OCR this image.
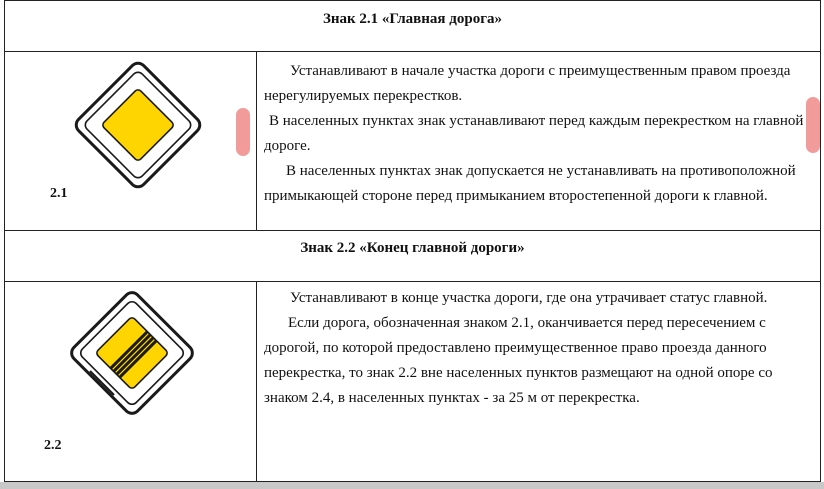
Знак 2.1 «Главная дорога»
2.1

Устанавливают в начале участка дороги с преимущественным правом проезда нерегулируемых перекрестков.

В населенных пунктах знак устанавливают перед каждым перекрестком на главной дороге.

В населенных пунктах знак допускается не устанавливать на противоположной примыкающей стороне перед примыканием второстепенной дороги к главной.

Знак 2.2 «Конец главной дороги»
2.2

Устанавливают в конце участка дороги, где она утрачивает статус главной.

Если дорога, обозначенная знаком 2.1, оканчивается перед пересечением с дорогой, по которой предоставлено преимущественное право проезда данного перекрестка, то знак 2.2 вне населенных пунктов размещают на одной опоре со знаком 2.4, в населенных пунктах - за 25 м от перекрестка.
